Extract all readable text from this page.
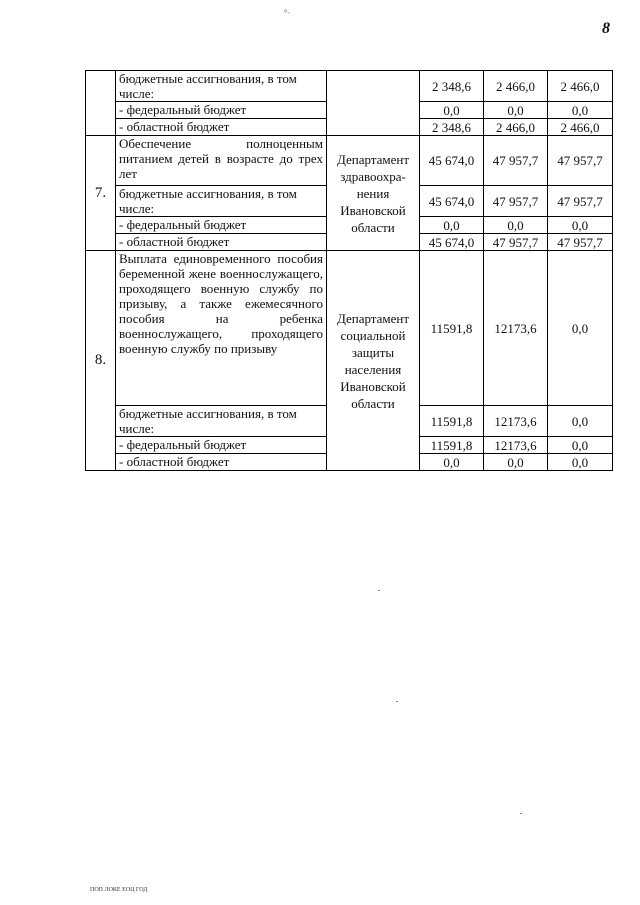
°·
8
	бюджетные ассигнования, в том числе:		2 348,6	2 466,0	2 466,0
	- федеральный бюджет		0,0	0,0	0,0
	- областной бюджет		2 348,6	2 466,0	2 466,0
7.	Обеспечение полноценным питанием детей в возрасте до трех лет	Департамент здравоохра-нения Ивановской области	45 674,0	47 957,7	47 957,7
	бюджетные ассигнования, в том числе:		45 674,0	47 957,7	47 957,7
	- федеральный бюджет		0,0	0,0	0,0
	- областной бюджет		45 674,0	47 957,7	47 957,7
8.	Выплата единовременного пособия беременной жене военнослужащего, проходящего военную службу по призыву, а также ежемесячного пособия на ребенка военнослужащего, проходящего военную службу по призыву	Департамент социальной защиты населения Ивановской области	11591,8	12173,6	0,0
	бюджетные ассигнования, в том числе:		11591,8	12173,6	0,0
	- федеральный бюджет		11591,8	12173,6	0,0
	- областной бюджет		0,0	0,0	0,0
ПОП ЛОКЕ ЕОЦ ГОД
